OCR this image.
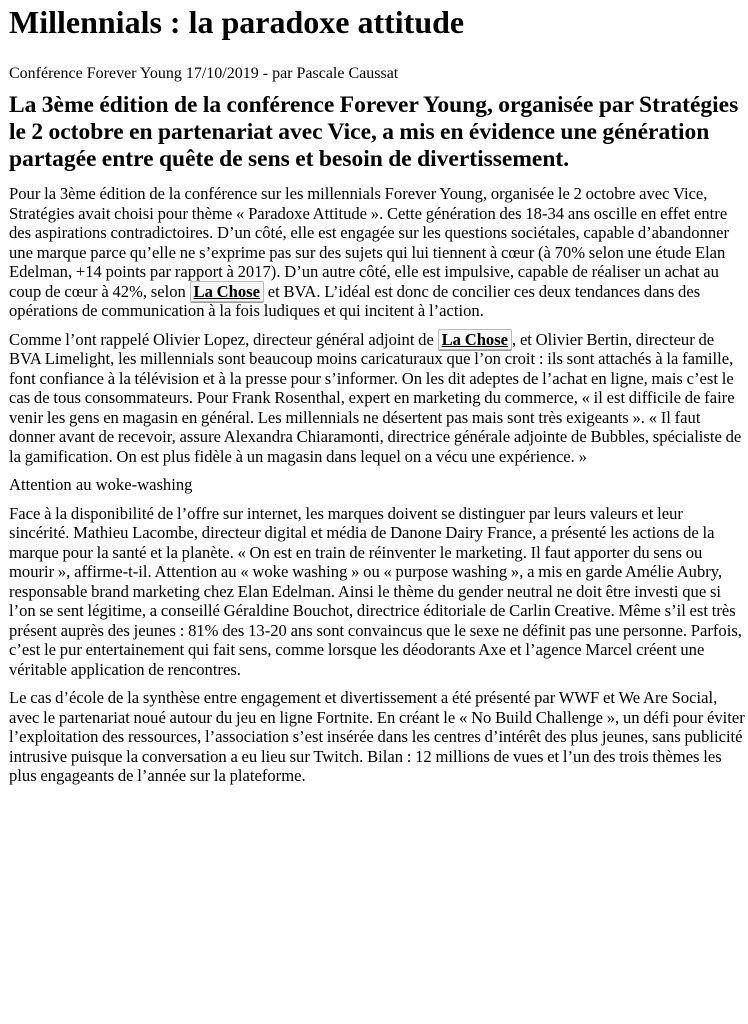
Millennials : la paradoxe attitude
Conférence Forever Young 17/10/2019 - par Pascale Caussat
La 3ème édition de la conférence Forever Young, organisée par Stratégies le 2 octobre en partenariat avec Vice, a mis en évidence une génération partagée entre quête de sens et besoin de divertissement.

Pour la 3ème édition de la conférence sur les millennials Forever Young, organisée le 2 octobre avec Vice, Stratégies avait choisi pour thème « Paradoxe Attitude ». Cette génération des 18-34 ans oscille en effet entre des aspirations contradictoires. D’un côté, elle est engagée sur les questions sociétales, capable d’abandonner une marque parce qu’elle ne s’exprime pas sur des sujets qui lui tiennent à cœur (à 70% selon une étude Elan Edelman, +14 points par rapport à 2017). D’un autre côté, elle est impulsive, capable de réaliser un achat au coup de cœur à 42%, selon La Chose et BVA. L’idéal est donc de concilier ces deux tendances dans des opérations de communication à la fois ludiques et qui incitent à l’action.

Comme l’ont rappelé Olivier Lopez, directeur général adjoint de La Chose , et Olivier Bertin, directeur de BVA Limelight, les millennials sont beaucoup moins caricaturaux que l’on croit : ils sont attachés à la famille, font confiance à la télévision et à la presse pour s’informer. On les dit adeptes de l’achat en ligne, mais c’est le cas de tous consommateurs. Pour Frank Rosenthal, expert en marketing du commerce, « il est difficile de faire venir les gens en magasin en général. Les millennials ne désertent pas mais sont très exigeants ». « Il faut donner avant de recevoir, assure Alexandra Chiaramonti, directrice générale adjointe de Bubbles, spécialiste de la gamification. On est plus fidèle à un magasin dans lequel on a vécu une expérience. »

Attention au woke-washing

Face à la disponibilité de l’offre sur internet, les marques doivent se distinguer par leurs valeurs et leur sincérité. Mathieu Lacombe, directeur digital et média de Danone Dairy France, a présenté les actions de la marque pour la santé et la planète. « On est en train de réinventer le marketing. Il faut apporter du sens ou mourir », affirme-t-il. Attention au « woke washing » ou « purpose washing », a mis en garde Amélie Aubry, responsable brand marketing chez Elan Edelman. Ainsi le thème du gender neutral ne doit être investi que si l’on se sent légitime, a conseillé Géraldine Bouchot, directrice éditoriale de Carlin Creative. Même s’il est très présent auprès des jeunes : 81% des 13-20 ans sont convaincus que le sexe ne définit pas une personne. Parfois, c’est le pur entertainement qui fait sens, comme lorsque les déodorants Axe et l’agence Marcel créent une véritable application de rencontres.

Le cas d’école de la synthèse entre engagement et divertissement a été présenté par WWF et We Are Social, avec le partenariat noué autour du jeu en ligne Fortnite. En créant le « No Build Challenge », un défi pour éviter l’exploitation des ressources, l’association s’est insérée dans les centres d’intérêt des plus jeunes, sans publicité intrusive puisque la conversation a eu lieu sur Twitch. Bilan : 12 millions de vues et l’un des trois thèmes les plus engageants de l’année sur la plateforme.
